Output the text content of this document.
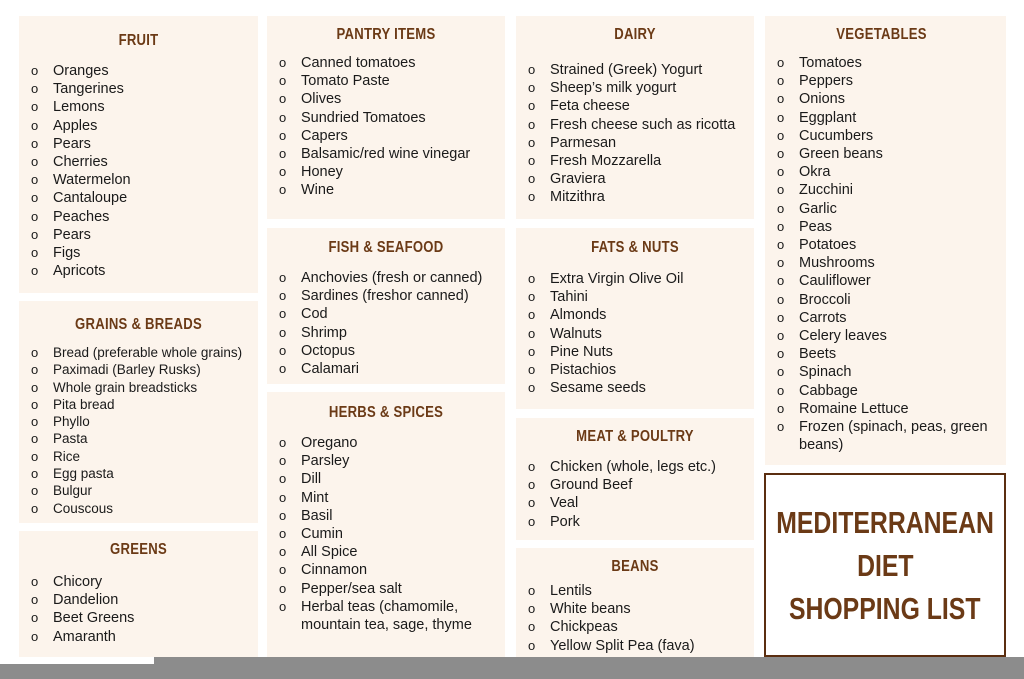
FRUIT
o Oranges
o Tangerines
o Lemons
o Apples
o Pears
o Cherries
o Watermelon
o Cantaloupe
o Peaches
o Pears
o Figs
o Apricots
GRAINS & BREADS
o Bread (preferable whole grains)
o Paximadi (Barley Rusks)
o Whole grain breadsticks
o Pita bread
o Phyllo
o Pasta
o Rice
o Egg pasta
o Bulgur
o Couscous
GREENS
o Chicory
o Dandelion
o Beet Greens
o Amaranth
PANTRY ITEMS
o Canned tomatoes
o Tomato Paste
o Olives
o Sundried Tomatoes
o Capers
o Balsamic/red wine vinegar
o Honey
o Wine
FISH & SEAFOOD
o Anchovies (fresh or canned)
o Sardines (freshor canned)
o Cod
o Shrimp
o Octopus
o Calamari
HERBS & SPICES
o Oregano
o Parsley
o Dill
o Mint
o Basil
o Cumin
o All Spice
o Cinnamon
o Pepper/sea salt
o Herbal teas (chamomile, mountain tea, sage, thyme
DAIRY
o Strained (Greek) Yogurt
o Sheep’s milk yogurt
o Feta cheese
o Fresh cheese such as ricotta
o Parmesan
o Fresh Mozzarella
o Graviera
o Mitzithra
FATS & NUTS
o Extra Virgin Olive Oil
o Tahini
o Almonds
o Walnuts
o Pine Nuts
o Pistachios
o Sesame seeds
MEAT & POULTRY
o Chicken (whole, legs etc.)
o Ground Beef
o Veal
o Pork
BEANS
o Lentils
o White beans
o Chickpeas
o Yellow Split Pea (fava)
VEGETABLES
o Tomatoes
o Peppers
o Onions
o Eggplant
o Cucumbers
o Green beans
o Okra
o Zucchini
o Garlic
o Peas
o Potatoes
o Mushrooms
o Cauliflower
o Broccoli
o Carrots
o Celery leaves
o Beets
o Spinach
o Cabbage
o Romaine Lettuce
o Frozen (spinach, peas, green beans)
MEDITERRANEAN
DIET
SHOPPING LIST
